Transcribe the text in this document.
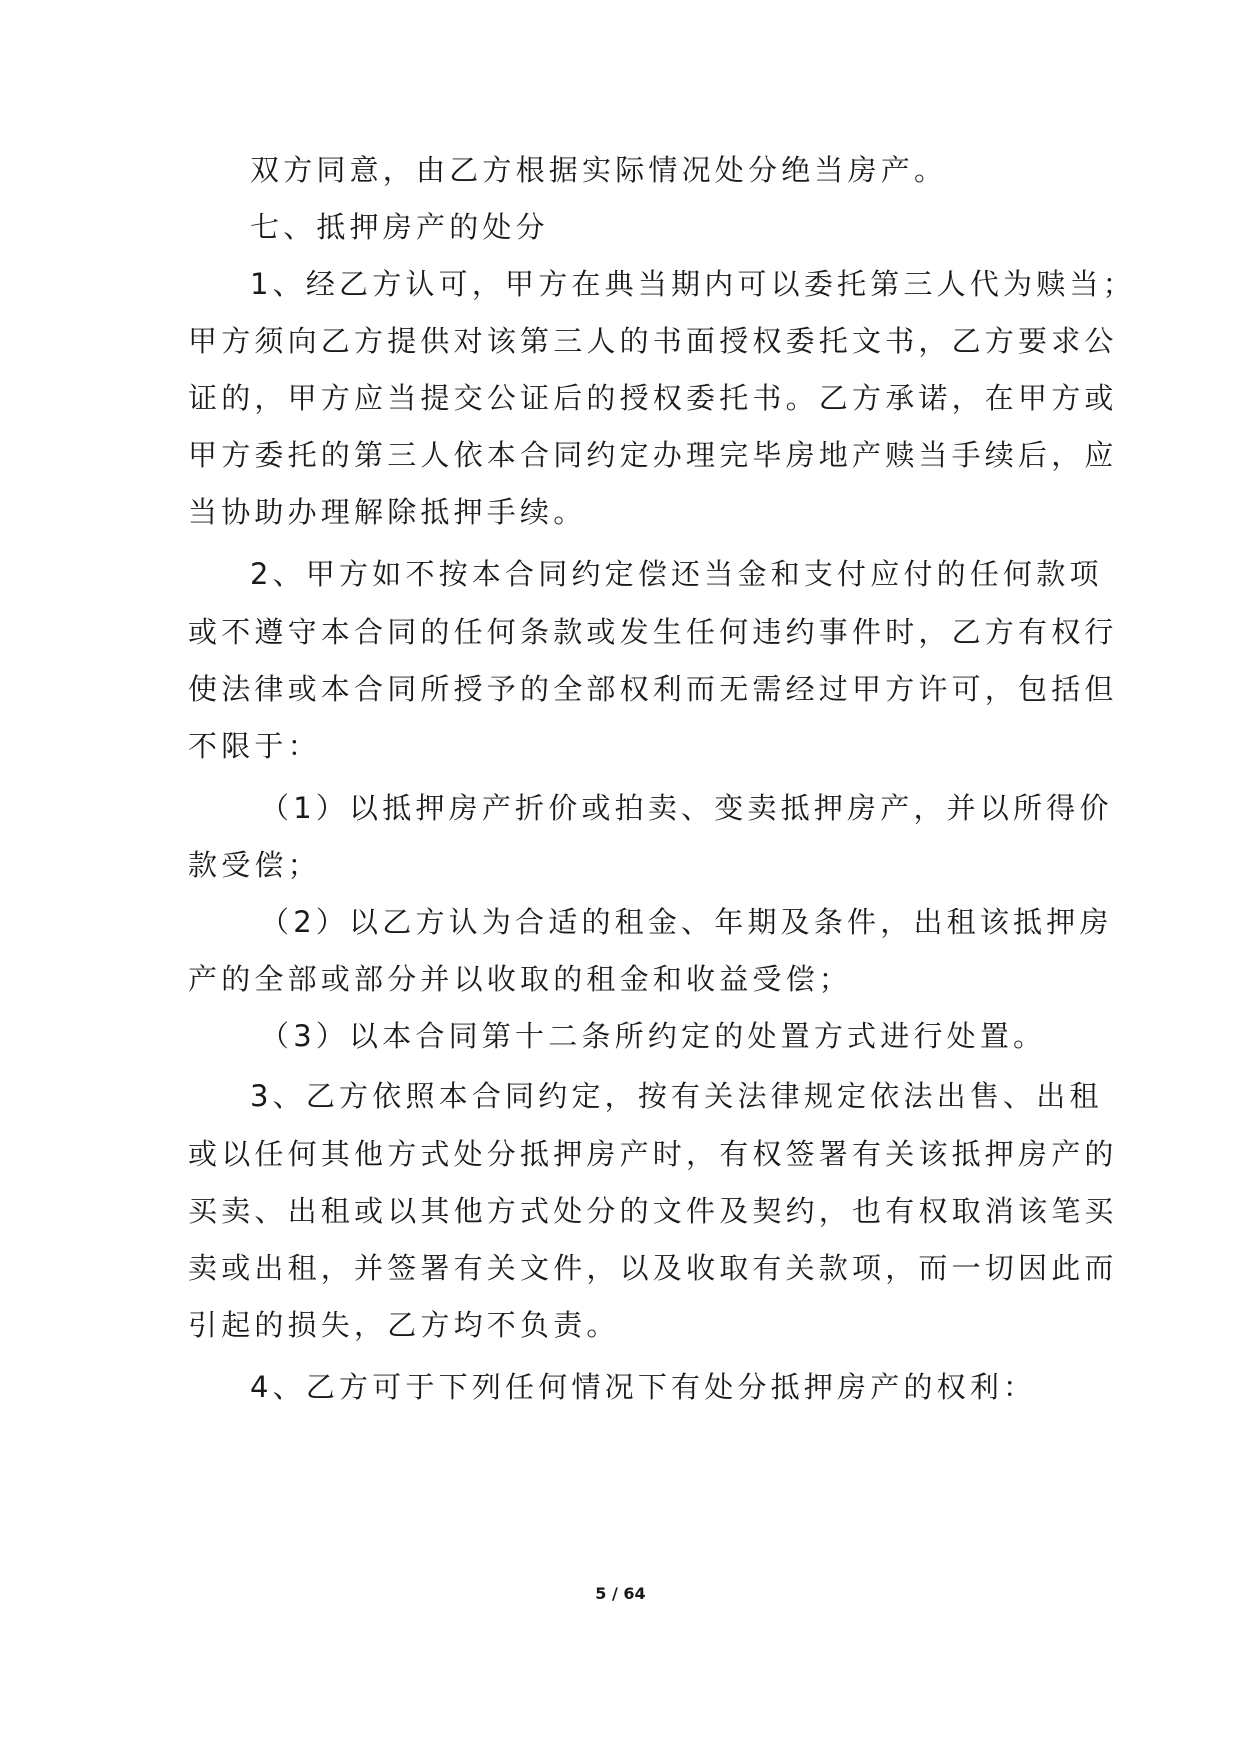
双方同意，由乙方根据实际情况处分绝当房产。
七、抵押房产的处分
1、经乙方认可，甲方在典当期内可以委托第三人代为赎当；
甲方须向乙方提供对该第三人的书面授权委托文书，乙方要求公
证的，甲方应当提交公证后的授权委托书。乙方承诺，在甲方或
甲方委托的第三人依本合同约定办理完毕房地产赎当手续后，应
当协助办理解除抵押手续。
2、甲方如不按本合同约定偿还当金和支付应付的任何款项
或不遵守本合同的任何条款或发生任何违约事件时，乙方有权行
使法律或本合同所授予的全部权利而无需经过甲方许可，包括但
不限于：
（1）以抵押房产折价或拍卖、变卖抵押房产，并以所得价
款受偿；
（2）以乙方认为合适的租金、年期及条件，出租该抵押房
产的全部或部分并以收取的租金和收益受偿；
（3）以本合同第十二条所约定的处置方式进行处置。
3、乙方依照本合同约定，按有关法律规定依法出售、出租
或以任何其他方式处分抵押房产时，有权签署有关该抵押房产的
买卖、出租或以其他方式处分的文件及契约，也有权取消该笔买
卖或出租，并签署有关文件，以及收取有关款项，而一切因此而
引起的损失，乙方均不负责。
4、乙方可于下列任何情况下有处分抵押房产的权利：
5 / 64
